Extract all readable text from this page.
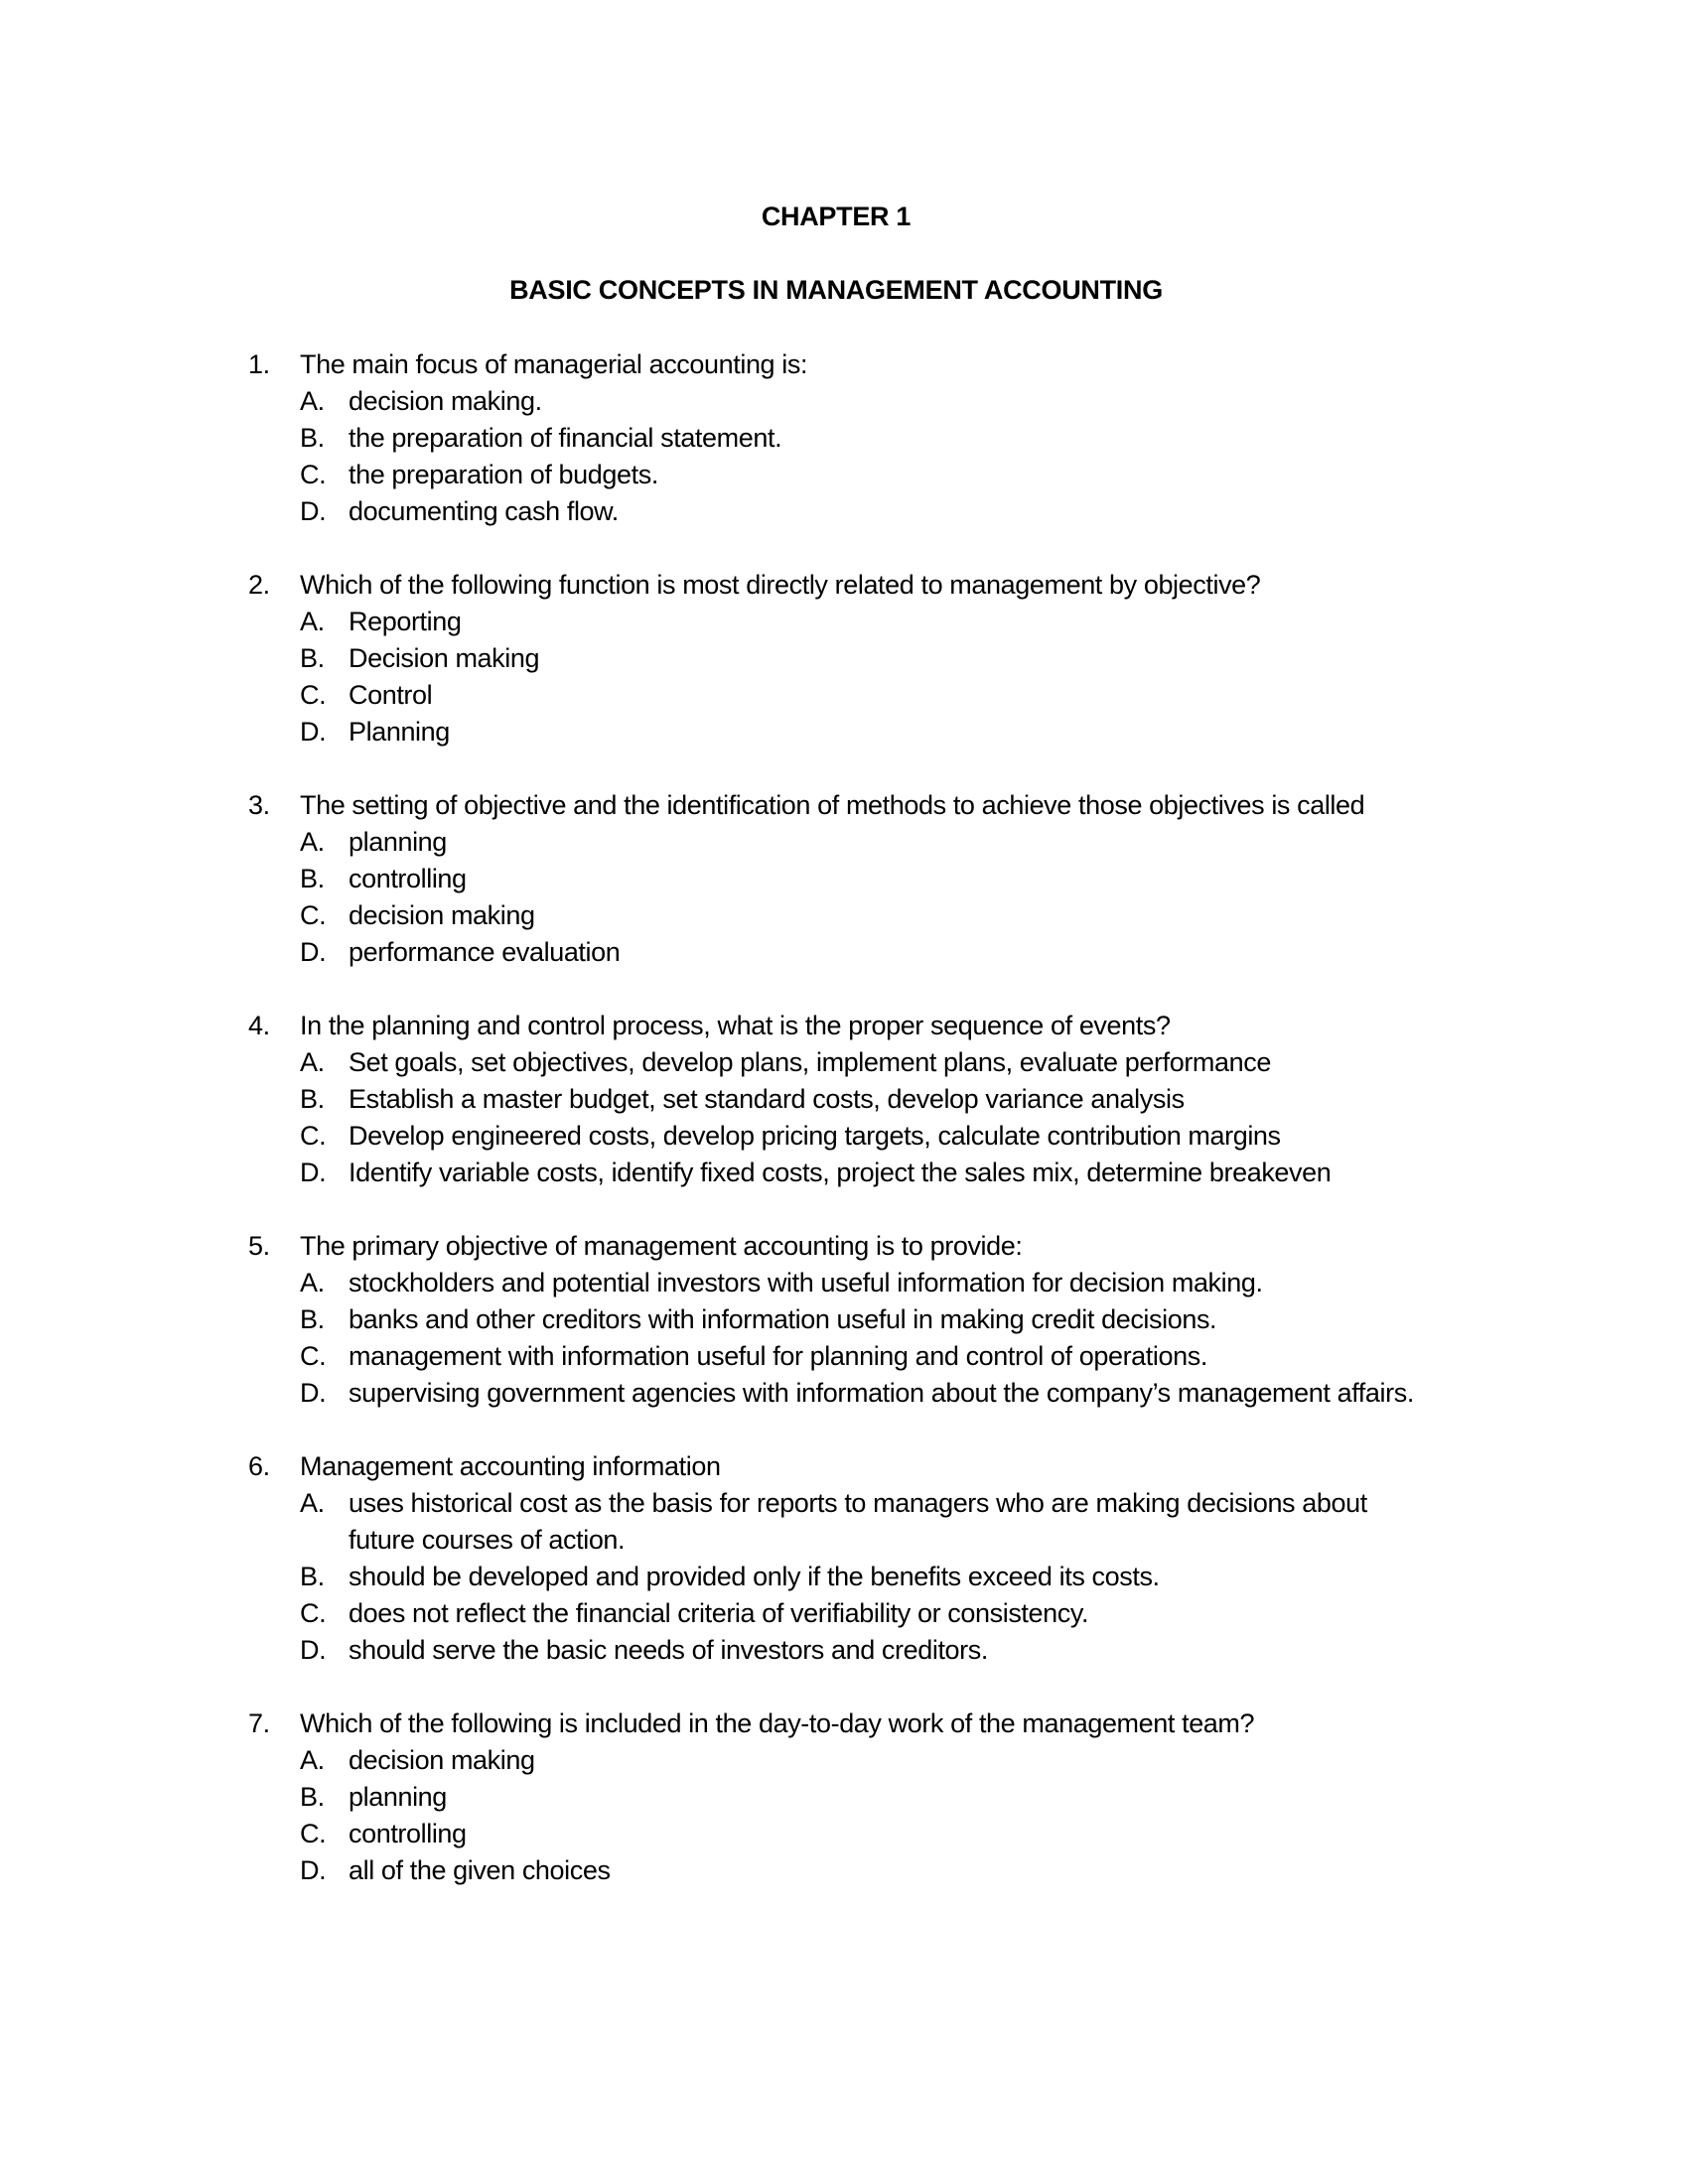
CHAPTER 1
BASIC CONCEPTS IN MANAGEMENT ACCOUNTING
1.	The main focus of managerial accounting is:
A. decision making.
B. the preparation of financial statement.
C. the preparation of budgets.
D. documenting cash flow.
2.	Which of the following function is most directly related to management by objective?
A. Reporting
B. Decision making
C. Control
D. Planning
3.	The setting of objective and the identification of methods to achieve those objectives is called
A. planning
B. controlling
C. decision making
D. performance evaluation
4.	In the planning and control process, what is the proper sequence of events?
A. Set goals, set objectives, develop plans, implement plans, evaluate performance
B. Establish a master budget, set standard costs, develop variance analysis
C. Develop engineered costs, develop pricing targets, calculate contribution margins
D. Identify variable costs, identify fixed costs, project the sales mix, determine breakeven
5.	The primary objective of management accounting is to provide:
A. stockholders and potential investors with useful information for decision making.
B. banks and other creditors with information useful in making credit decisions.
C. management with information useful for planning and control of operations.
D. supervising government agencies with information about the company’s management affairs.
6.	Management accounting information
A. uses historical cost as the basis for reports to managers who are making decisions about future courses of action.
B. should be developed and provided only if the benefits exceed its costs.
C. does not reflect the financial criteria of verifiability or consistency.
D. should serve the basic needs of investors and creditors.
7.	Which of the following is included in the day-to-day work of the management team?
A. decision making
B. planning
C. controlling
D. all of the given choices
